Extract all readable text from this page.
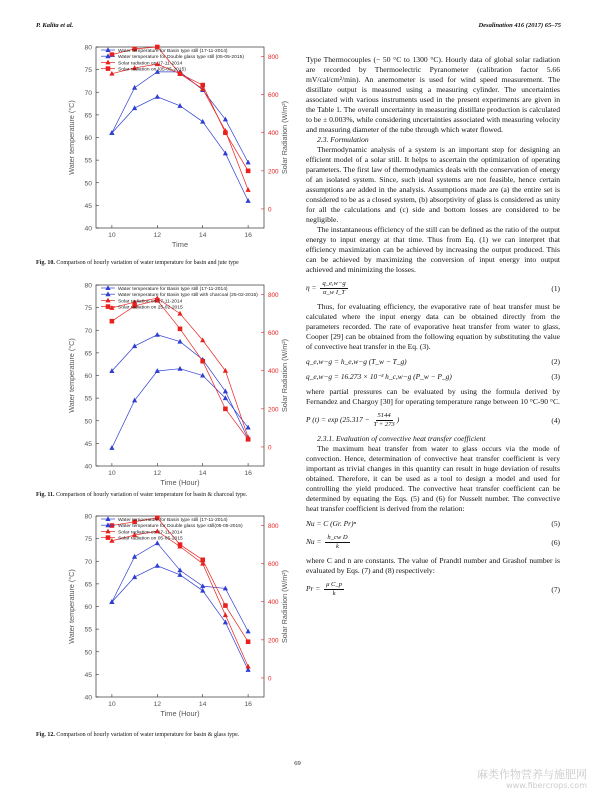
P. Kalita et al.	Desalination 416 (2017) 65–75
40
45
50
55
60
65
70
75
80
0
200
400
600
800
10	12	14	16
Time
Water temperature (°C)	Solar Radiation (W/m²)
Water temperature for Basin type still (17-11-2014)
Water temperature for Double glass type still (05-05-2015)
Solar radiation on 17-11-2014
Solar radiation on (05-05-2015)
Fig. 10. Comparison of hourly variation of water temperature for basin and jute type
40
45
50
55
60
65
70
75
80
0
200
400
600
800
10	12	14	16
Time (Hour)
Water temperature (°C)	Solar Radiation (W/m²)
Water temperature for Basin type still (17-11-2014)
Water temperature for Basin type still with charcoal (25-02-2015)
Solar radiation on 17-11-2014
Solar radiation on 25-02-2015
Fig. 11. Comparison of hourly variation of water temperature for basin & charcoal type.
40
45
50
55
60
65
70
75
80
0
200
400
600
800
10	12	14	16
Time (Hour)
Water temperature (°C)	Solar Radiation (W/m²)
Water temperature for Basin type still (17-11-2014)
Water temperature for Double glass type still(05-05-2015)
Solar radiation on 17-11-2014
Solar radiation on 05-05-2015
Fig. 12. Comparison of hourly variation of water temperature for basin & glass type.

Type Thermocouples (− 50 °C to 1300 °C). Hourly data of global solar radiation are recorded by Thermoelectric Pyranometer (calibration factor 5.66 mV/cal/cm²/min). An anemometer is used for wind speed measurement. The distillate output is measured using a measuring cylinder. The uncertainties associated with various instruments used in the present experiments are given in the Table 1. The overall uncertainty in measuring distillate production is calculated to be ± 0.003%, while considering uncertainties associated with measuring velocity and measuring diameter of the tube through which water flowed.

2.3. Formulation

Thermodynamic analysis of a system is an important step for designing an efficient model of a solar still. It helps to ascertain the optimization of operating parameters. The first law of thermodynamics deals with the conservation of energy of an isolated system. Since, such ideal systems are not feasible, hence certain assumptions are added in the analysis. Assumptions made are (a) the entire set is considered to be as a closed system, (b) absorptivity of glass is considered as unity for all the calculations and (c) side and bottom losses are considered to be negligible.

The instantaneous efficiency of the still can be defined as the ratio of the output energy to input energy at that time. Thus from Eq. (1) we can interpret that efficiency maximization can be achieved by increasing the output produced. This can be achieved by maximizing the conversion of input energy into output achieved and minimizing the losses.

$\eta = \frac{q\_e,w-g}{\text{α\_w I\_T}}$	(1)

Thus, for evaluating efficiency, the evaporative rate of heat transfer must be calculated where the input energy data can be obtained directly from the parameters recorded. The rate of evaporative heat transfer from water to glass, Cooper [29] can be obtained from the following equation by substituting the value of convective heat transfer in the Eq. (3).

q_e,w−g = h_e,w−g (T_w − T_g)	(2)
q_e,w−g = 16.273 × 10⁻³ h_c,w−g (P_w − P_g)	(3)

where partial pressures can be evaluated by using the formula derived by Fernandez and Chargoy [30] for operating temperature range between 10 °C-90 °C.

P $(t) = \exp (25.317 - \frac{5144}{T + 273}$ )	(4)

2.3.1. Evaluation of convective heat transfer coefficient

The maximum heat transfer from water to glass occurs via the mode of convection. Hence, determination of convective heat transfer coefficient is very important as trivial changes in this quantity can result in huge deviation of results obtained. Therefore, it can be used as a tool to design a model and used for controlling the yield produced. The convective heat transfer coefficient can be determined by equating the Eqs. (5) and (6) for Nusselt number. The convective heat transfer coefficient is derived from the relation:

Nu = C (Gr. Pr)ⁿ	(5)
$Nu = \frac{\text{h\_cw D}}{k}$	(6)

where C and n are constants. The value of Prandtl number and Grashof number is evaluated by Eqs. (7) and (8) respectively:

$Pr = \frac{\text{μ C\_p}}{k}$	(7)
69
麻类作物营养与施肥网
www.fibercrops.com
